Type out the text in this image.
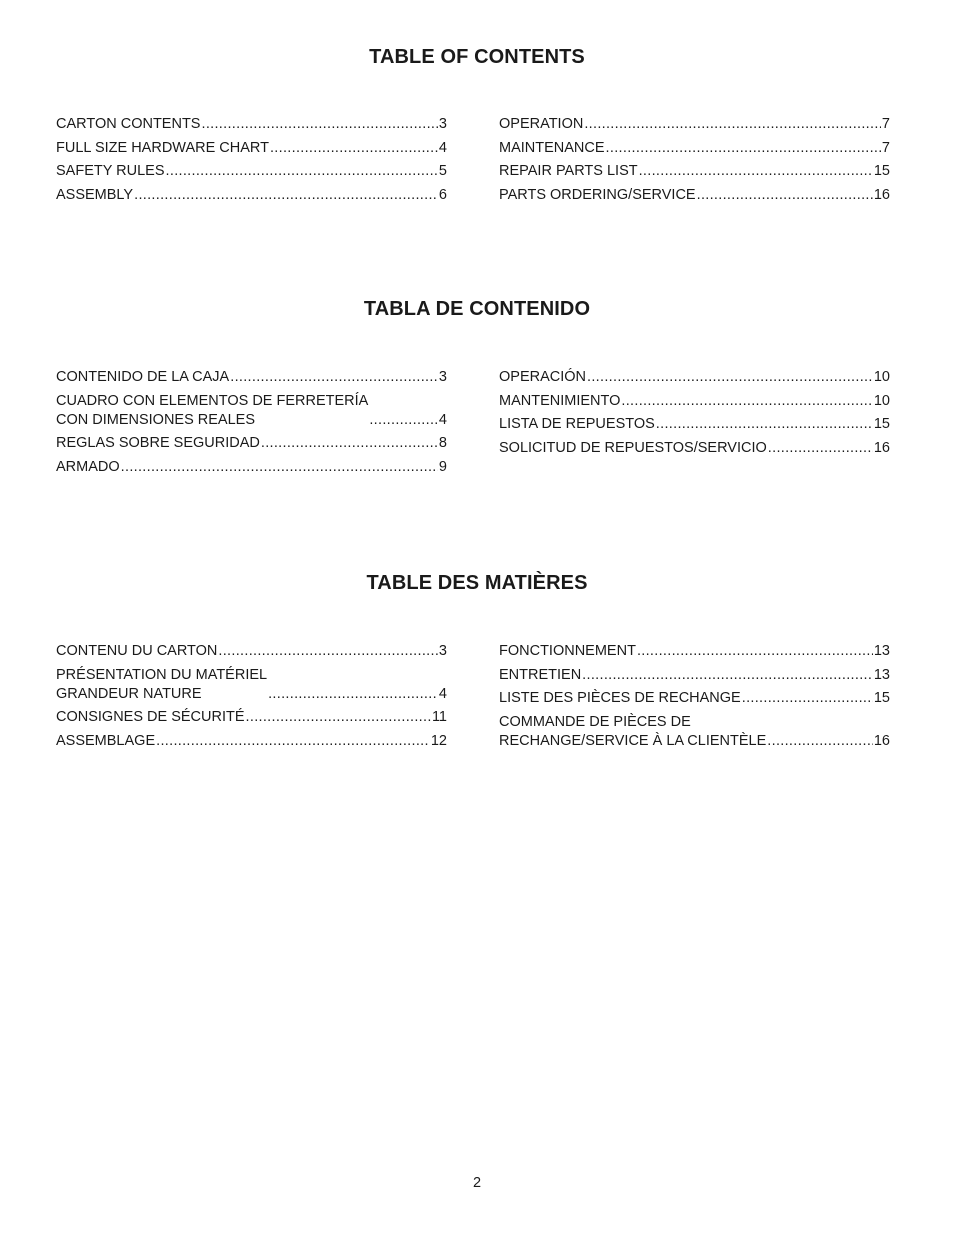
TABLE OF CONTENTS
CARTON CONTENTS .....	3
FULL SIZE HARDWARE CHART .....	4
SAFETY RULES .....	5
ASSEMBLY .....	6
OPERATION .....	7
MAINTENANCE .....	7
REPAIR PARTS LIST .....	15
PARTS ORDERING/SERVICE .....	16
TABLA DE CONTENIDO
CONTENIDO DE LA CAJA .....	3
CUADRO CON ELEMENTOS DE FERRETERÍA
CON DIMENSIONES REALES .....	4
REGLAS SOBRE SEGURIDAD .....	8
ARMADO .....	9
OPERACIÓN .....	10
MANTENIMIENTO .....	10
LISTA DE REPUESTOS .....	15
SOLICITUD DE REPUESTOS/SERVICIO .....	16
TABLE DES MATIÈRES
CONTENU DU CARTON .....	3
PRÉSENTATION DU MATÉRIEL
GRANDEUR NATURE .....	4
CONSIGNES DE SÉCURITÉ .....	11
ASSEMBLAGE .....	12
FONCTIONNEMENT .....	13
ENTRETIEN .....	13
LISTE DES PIÈCES DE RECHANGE .....	15
COMMANDE DE PIÈCES DE
RECHANGE/SERVICE À LA CLIENTÈLE .....	16
2
